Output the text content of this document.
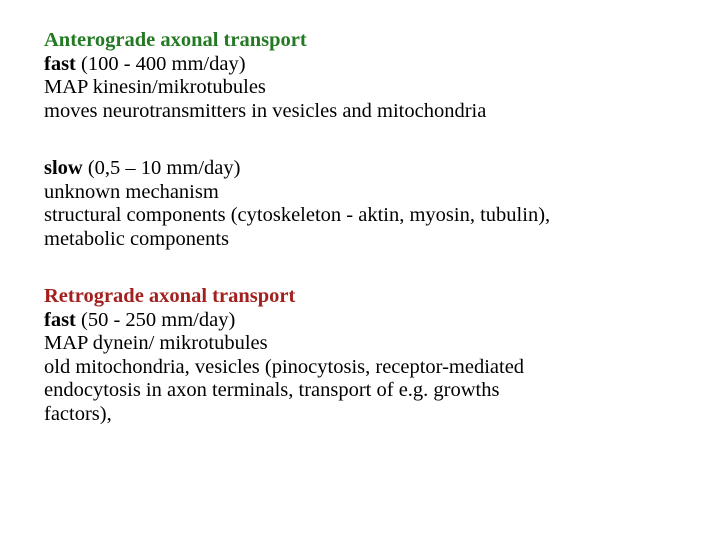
Anterograde axonal transport
fast (100 - 400 mm/day)
MAP kinesin/mikrotubules
moves neurotransmitters in vesicles and mitochondria
slow (0,5 – 10 mm/day)
unknown mechanism
structural components (cytoskeleton - aktin, myosin, tubulin),
metabolic components
Retrograde axonal transport
fast (50 - 250 mm/day)
MAP dynein/ mikrotubules
old mitochondria, vesicles (pinocytosis, receptor-mediated
endocytosis in axon terminals, transport of e.g. growths
factors),
